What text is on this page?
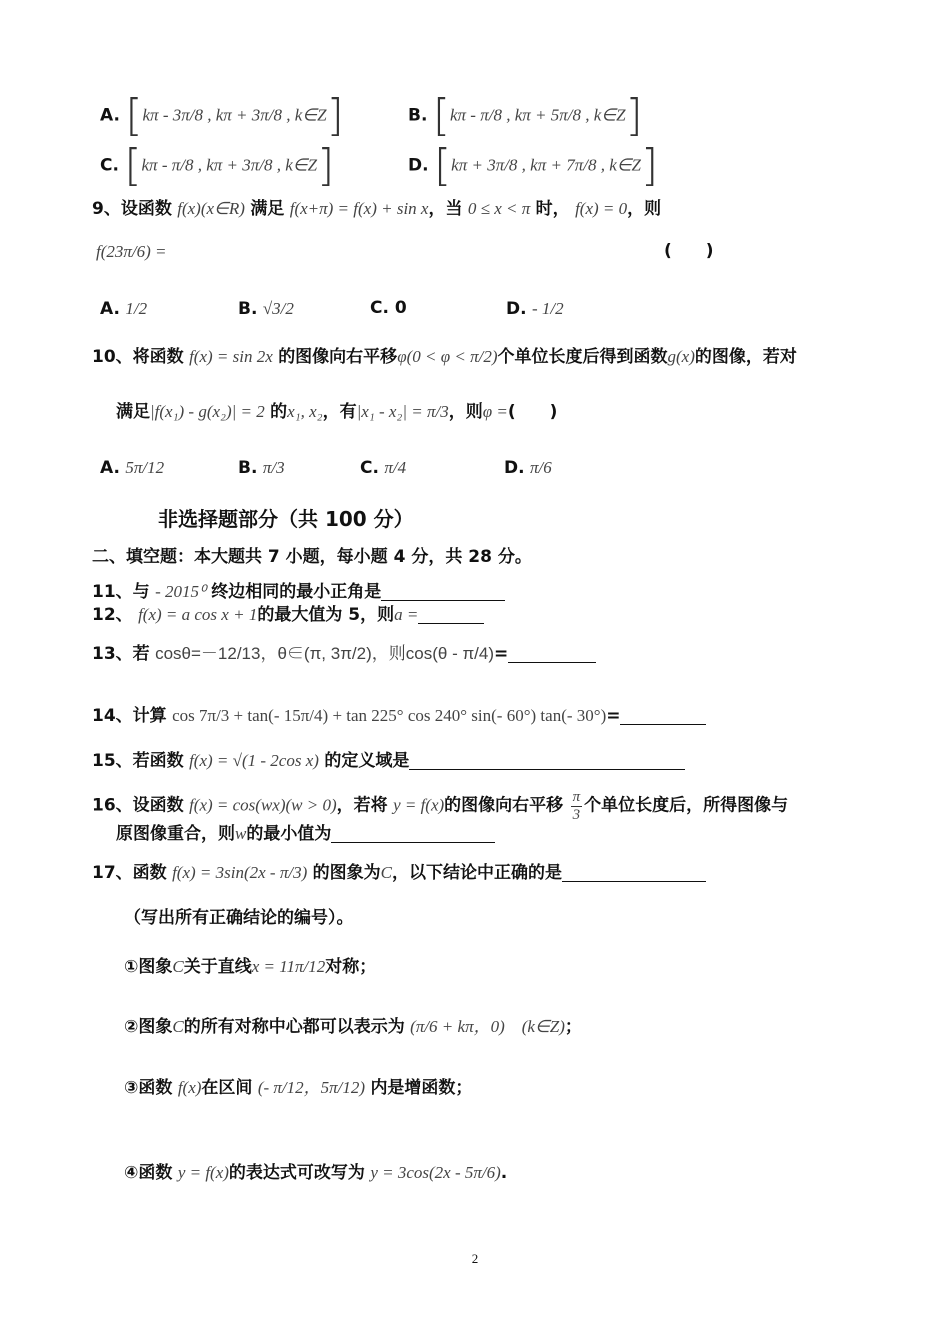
A. [kπ - 3π/8 , kπ + 3π/8 , k∈Z]	B. [kπ - π/8 , kπ + 5π/8 , k∈Z]
C. [kπ - π/8 , kπ + 3π/8 , k∈Z]	D. [kπ + 3π/8 , kπ + 7π/8 , k∈Z]
9、设函数 f(x)(x∈R) 满足 f(x+π) = f(x) + sin x，当 0 ≤ x < π 时， f(x) = 0，则
f(23π/6) =	(　　)
A. 1/2	B. √3/2	C. 0	D. - 1/2
10、将函数 f(x) = sin 2x 的图像向右平移φ(0 < φ < π/2)个单位长度后得到函数g(x)的图像，若对
满足|f(x₁) - g(x₂)| = 2 的x₁, x₂，有|x₁ - x₂| = π/3，则φ =(　　)
A. 5π/12	B. π/3	C. π/4	D. π/6
非选择题部分（共 100 分）
二、填空题：本大题共 7 小题，每小题 4 分，共 28 分。
11、与 - 2015⁰ 终边相同的最小正角是
12、 f(x) = a cos x + 1的最大值为 5，则a =
13、若 cosθ=－12/13，θ∈(π, 3π/2)，则cos(θ - π/4)=
14、计算 cos 7π/3 + tan(- 15π/4) + tan 225° cos 240° sin(- 60°) tan(- 30°)=
15、若函数 f(x) = √(1 - 2cos x) 的定义域是
16、设函数 f(x) = cos(wx)(w > 0)，若将 y = f(x)的图像向右平移 $\frac{\pi}{3}$ 个单位长度后，所得图像与
原图像重合，则w的最小值为
17、函数 f(x) = 3sin(2x - π/3) 的图象为C，以下结论中正确的是
（写出所有正确结论的编号）。
①图象C关于直线x = 11π/12对称；
②图象C的所有对称中心都可以表示为 (π/6 + kπ，0)　(k∈Z)；
③函数 f(x)在区间 (- π/12，5π/12) 内是增函数；
④函数 y = f(x)的表达式可改写为 y = 3cos(2x - 5π/6).
2
